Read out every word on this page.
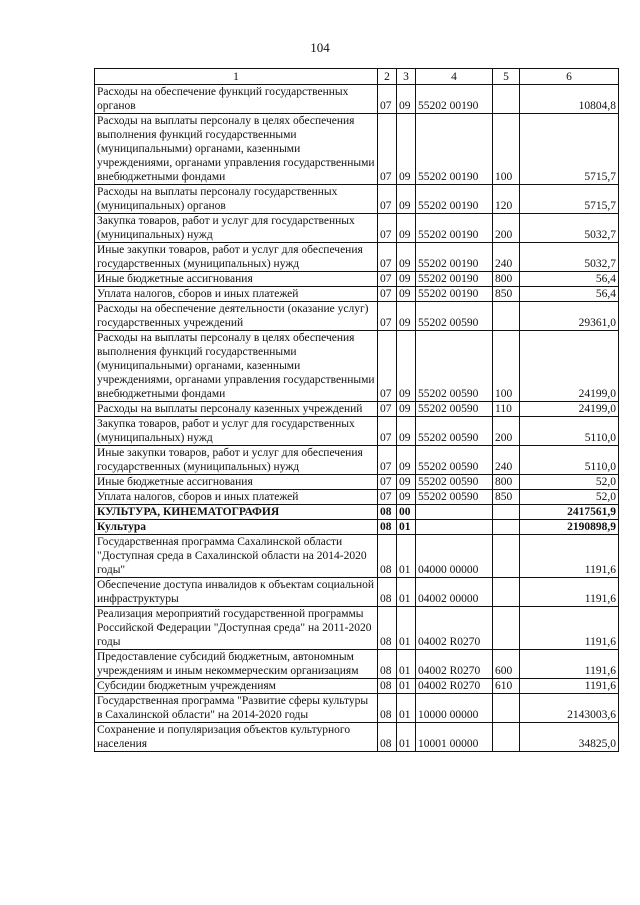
104
1	2	3	4	5	6
Расходы на обеспечение функций государственных органов	07	09	55202 00190		10804,8
Расходы на выплаты персоналу в целях обеспечения выполнения функций государственными (муниципальными) органами, казенными учреждениями, органами управления государственными внебюджетными фондами	07	09	55202 00190	100	5715,7
Расходы на выплаты персоналу государственных (муниципальных) органов	07	09	55202 00190	120	5715,7
Закупка товаров, работ и услуг для государственных (муниципальных) нужд	07	09	55202 00190	200	5032,7
Иные закупки товаров, работ и услуг для обеспечения государственных (муниципальных) нужд	07	09	55202 00190	240	5032,7
Иные бюджетные ассигнования	07	09	55202 00190	800	56,4
Уплата налогов, сборов и иных платежей	07	09	55202 00190	850	56,4
Расходы на обеспечение деятельности (оказание услуг) государственных учреждений	07	09	55202 00590		29361,0
Расходы на выплаты персоналу в целях обеспечения выполнения функций государственными (муниципальными) органами, казенными учреждениями, органами управления государственными внебюджетными фондами	07	09	55202 00590	100	24199,0
Расходы на выплаты персоналу казенных учреждений	07	09	55202 00590	110	24199,0
Закупка товаров, работ и услуг для государственных (муниципальных) нужд	07	09	55202 00590	200	5110,0
Иные закупки товаров, работ и услуг для обеспечения государственных (муниципальных) нужд	07	09	55202 00590	240	5110,0
Иные бюджетные ассигнования	07	09	55202 00590	800	52,0
Уплата налогов, сборов и иных платежей	07	09	55202 00590	850	52,0
КУЛЬТУРА, КИНЕМАТОГРАФИЯ	08	00			2417561,9
Культура	08	01			2190898,9
Государственная программа Сахалинской области "Доступная среда в Сахалинской области на 2014-2020 годы"	08	01	04000 00000		1191,6
Обеспечение доступа инвалидов к объектам социальной инфраструктуры	08	01	04002 00000		1191,6
Реализация мероприятий государственной программы Российской Федерации "Доступная среда" на 2011-2020 годы	08	01	04002 R0270		1191,6
Предоставление субсидий бюджетным, автономным учреждениям и иным некоммерческим организациям	08	01	04002 R0270	600	1191,6
Субсидии бюджетным учреждениям	08	01	04002 R0270	610	1191,6
Государственная программа "Развитие сферы культуры в Сахалинской области" на 2014-2020 годы	08	01	10000 00000		2143003,6
Сохранение и популяризация объектов культурного населения	08	01	10001 00000		34825,0
